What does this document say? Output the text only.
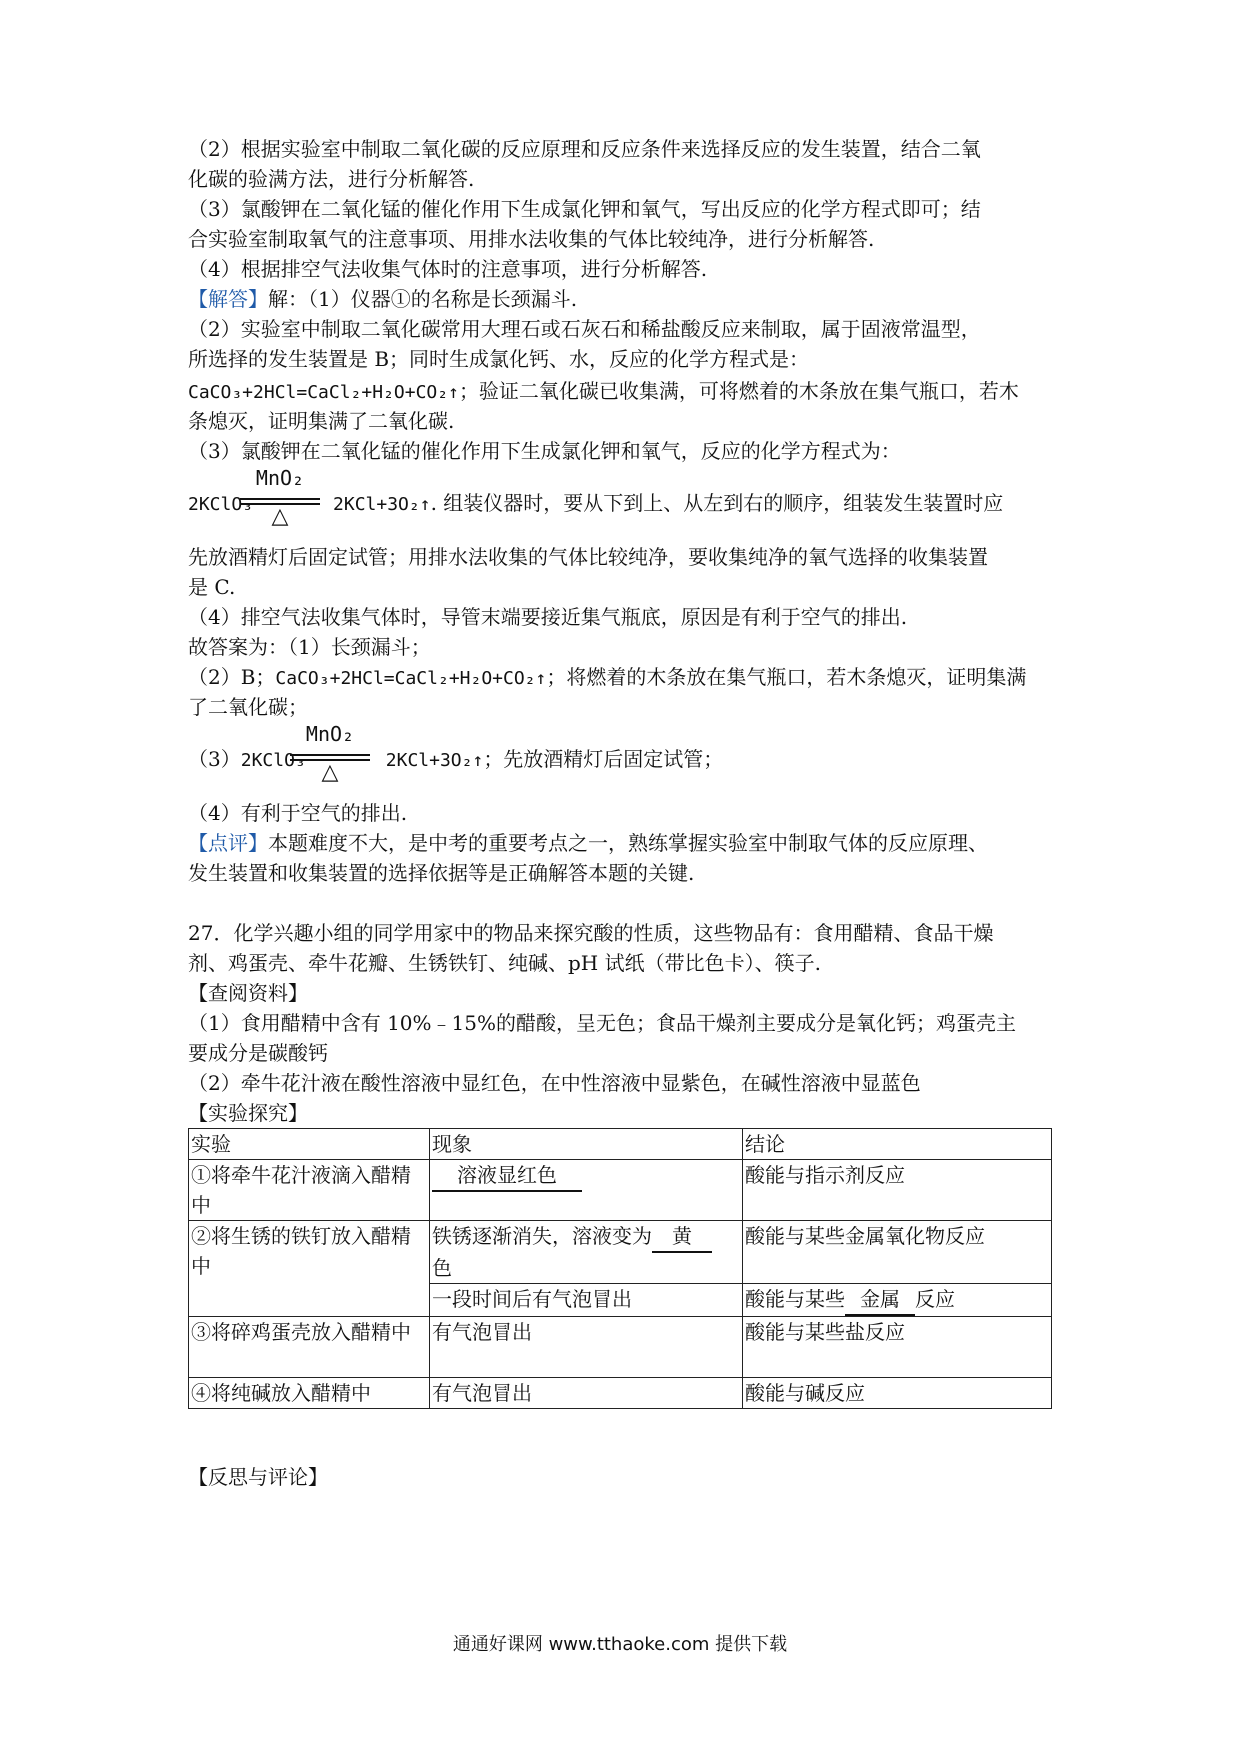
（2）根据实验室中制取二氧化碳的反应原理和反应条件来选择反应的发生装置，结合二氧
化碳的验满方法，进行分析解答.
（3）氯酸钾在二氧化锰的催化作用下生成氯化钾和氧气，写出反应的化学方程式即可；结
合实验室制取氧气的注意事项、用排水法收集的气体比较纯净，进行分析解答.
（4）根据排空气法收集气体时的注意事项，进行分析解答.
【解答】解：（1）仪器①的名称是长颈漏斗.
（2）实验室中制取二氧化碳常用大理石或石灰石和稀盐酸反应来制取，属于固液常温型，
所选择的发生装置是 B；同时生成氯化钙、水，反应的化学方程式是：
CaCO₃+2HCl=CaCl₂+H₂O+CO₂↑；验证二氧化碳已收集满，可将燃着的木条放在集气瓶口，若木
条熄灭，证明集满了二氧化碳.
（3）氯酸钾在二氧化锰的催化作用下生成氯化钾和氧气，反应的化学方程式为：
2KClO₃	2KCl+3O₂↑. 组装仪器时，要从下到上、从左到右的顺序，组装发生装置时应
MnO₂
△
先放酒精灯后固定试管；用排水法收集的气体比较纯净，要收集纯净的氧气选择的收集装置
是 C.
（4）排空气法收集气体时，导管末端要接近集气瓶底，原因是有利于空气的排出.
故答案为：（1）长颈漏斗；
（2）B；CaCO₃+2HCl=CaCl₂+H₂O+CO₂↑；将燃着的木条放在集气瓶口，若木条熄灭，证明集满
了二氧化碳；
（3）2KClO₃	2KCl+3O₂↑；先放酒精灯后固定试管；
MnO₂
△
（4）有利于空气的排出.
【点评】本题难度不大，是中考的重要考点之一，熟练掌握实验室中制取气体的反应原理、
发生装置和收集装置的选择依据等是正确解答本题的关键.
27．化学兴趣小组的同学用家中的物品来探究酸的性质，这些物品有：食用醋精、食品干燥
剂、鸡蛋壳、牵牛花瓣、生锈铁钉、纯碱、pH 试纸（带比色卡）、筷子.
【查阅资料】
（1）食用醋精中含有 10%﹣15%的醋酸，呈无色；食品干燥剂主要成分是氧化钙；鸡蛋壳主
要成分是碳酸钙
（2）牵牛花汁液在酸性溶液中显红色，在中性溶液中显紫色，在碱性溶液中显蓝色
【实验探究】
实验	现象	结论
①将牵牛花汁液滴入醋精中	溶液显红色	酸能与指示剂反应
②将生锈的铁钉放入醋精中	铁锈逐渐消失，溶液变为 黄
色	酸能与某些金属氧化物反应
	一段时间后有气泡冒出	酸能与某些 金属 反应
③将碎鸡蛋壳放入醋精中	有气泡冒出	酸能与某些盐反应
④将纯碱放入醋精中	有气泡冒出	酸能与碱反应
【反思与评论】
通通好课网 www.tthaoke.com 提供下载
